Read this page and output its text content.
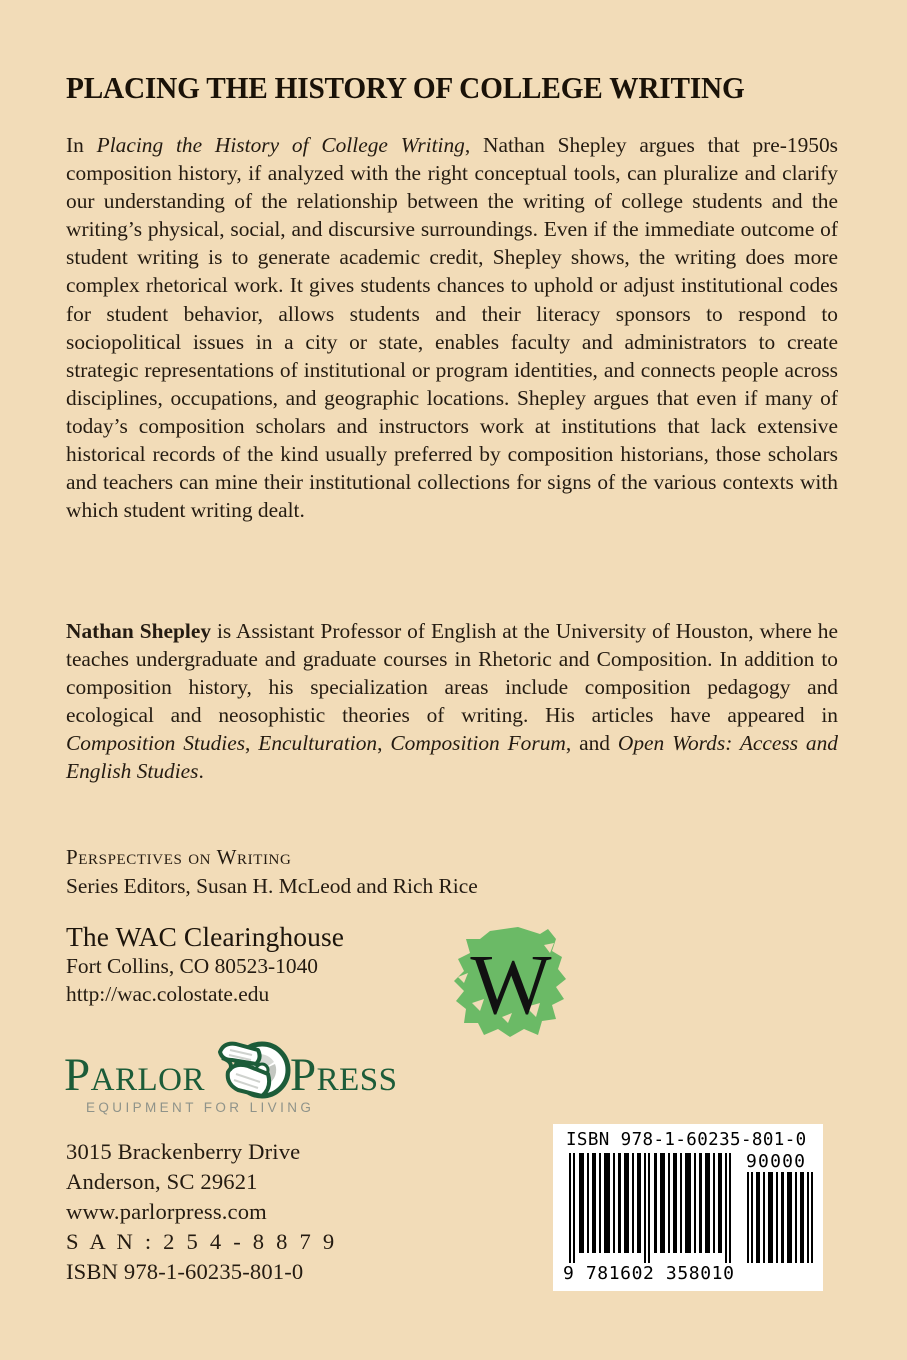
PLACING THE HISTORY OF COLLEGE WRITING
In Placing the History of College Writing, Nathan Shepley argues that pre-1950s composition history, if analyzed with the right conceptual tools, can pluralize and clarify our understanding of the relationship between the writing of college students and the writing’s physical, social, and discursive surroundings. Even if the immediate outcome of student writing is to generate academic credit, Shepley shows, the writing does more complex rhetorical work. It gives students chances to uphold or adjust institutional codes for student behavior, allows students and their literacy sponsors to respond to sociopolitical issues in a city or state, enables faculty and administrators to create strategic representations of institutional or program identities, and connects people across disciplines, occupations, and geographic locations. Shepley argues that even if many of today’s composition scholars and instructors work at institutions that lack extensive historical records of the kind usually preferred by composition historians, those scholars and teachers can mine their institutional collections for signs of the various contexts with which student writing dealt.
Nathan Shepley is Assistant Professor of English at the University of Houston, where he teaches undergraduate and graduate courses in Rhetoric and Composition. In addition to composition history, his specialization areas include composition pedagogy and ecological and neosophistic theories of writing. His articles have appeared in Composition Studies, Enculturation, Composition Forum, and Open Words: Access and English Studies.
Perspectives on Writing
Series Editors, Susan H. McLeod and Rich Rice
The WAC Clearinghouse
Fort Collins, CO 80523-1040
http://wac.colostate.edu	W
Parlor Press
EQUIPMENT FOR LIVING
3015 Brackenberry Drive
Anderson, SC 29621
www.parlorpress.com
S A N : 2 5 4 - 8 8 7 9
ISBN 978-1-60235-801-0
ISBN 978-1-60235-801-0
90000
9 781602 358010
